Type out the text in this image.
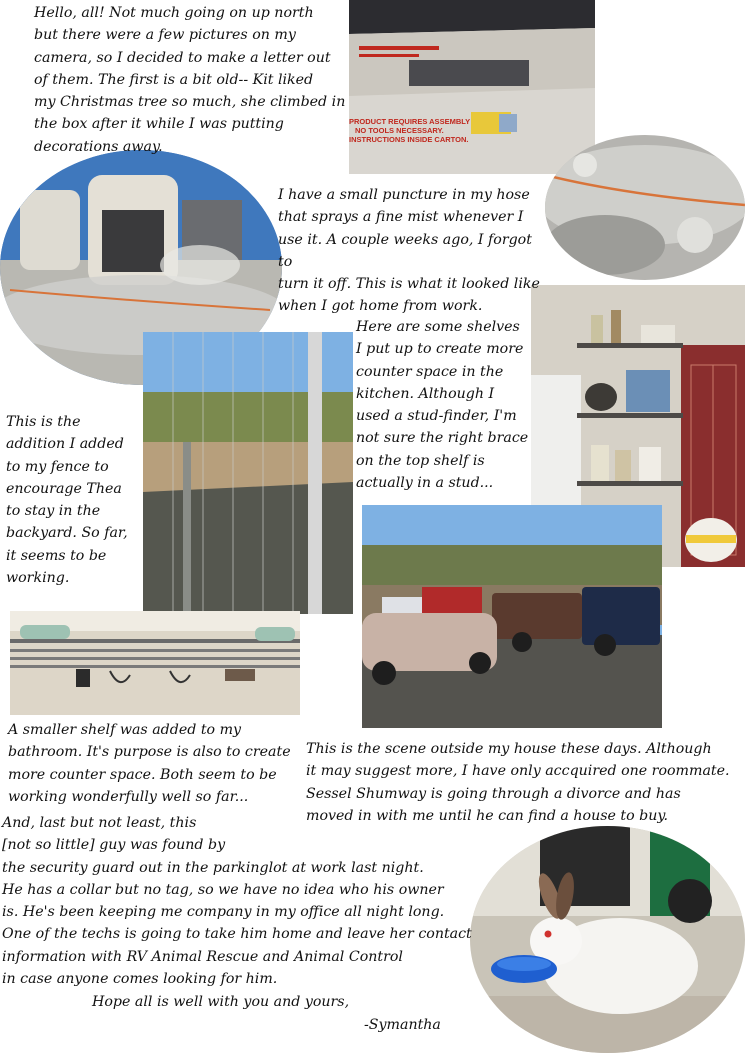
PRODUCT REQUIRES ASSEMBLY
NO TOOLS NECESSARY.
INSTRUCTIONS INSIDE CARTON.
Hello, all! Not much going on up north
but there were a few pictures on my
camera, so I decided to make a letter out
of them. The first is a bit old-- Kit liked
my Christmas tree so much, she climbed in
the box after it while I was putting
decorations away.
I have a small puncture in my hose
that sprays a fine mist whenever I
use it. A couple weeks ago, I forgot to
turn it off. This is what it looked like
when I got home from work.
Here are some shelves
I put up to create more
counter space in the
kitchen. Although I
used a stud-finder, I'm
not sure the right brace
on the top shelf is
actually in a stud...
This is the
addition I added
to my fence to
encourage Thea
to stay in the
backyard. So far,
it seems to be
working.
A smaller shelf was added to my
bathroom. It's purpose is also to create
more counter space. Both seem to be
working wonderfully well so far...
This is the scene outside my house these days. Although
it may suggest more, I have only accquired one roommate.
Sessel Shumway is going through a divorce and has
moved in with me until he can find a house to buy.
And, last but not least, this
[not so little] guy was found by
the security guard out in the parkinglot at work last night.
He has a collar but no tag, so we have no idea who his owner
is. He's been keeping me company in my office all night long.
One of the techs is going to take him home and leave her contact
information with RV Animal Rescue and Animal Control
in case anyone comes looking for him.
Hope all is well with you and yours,
-Symantha
